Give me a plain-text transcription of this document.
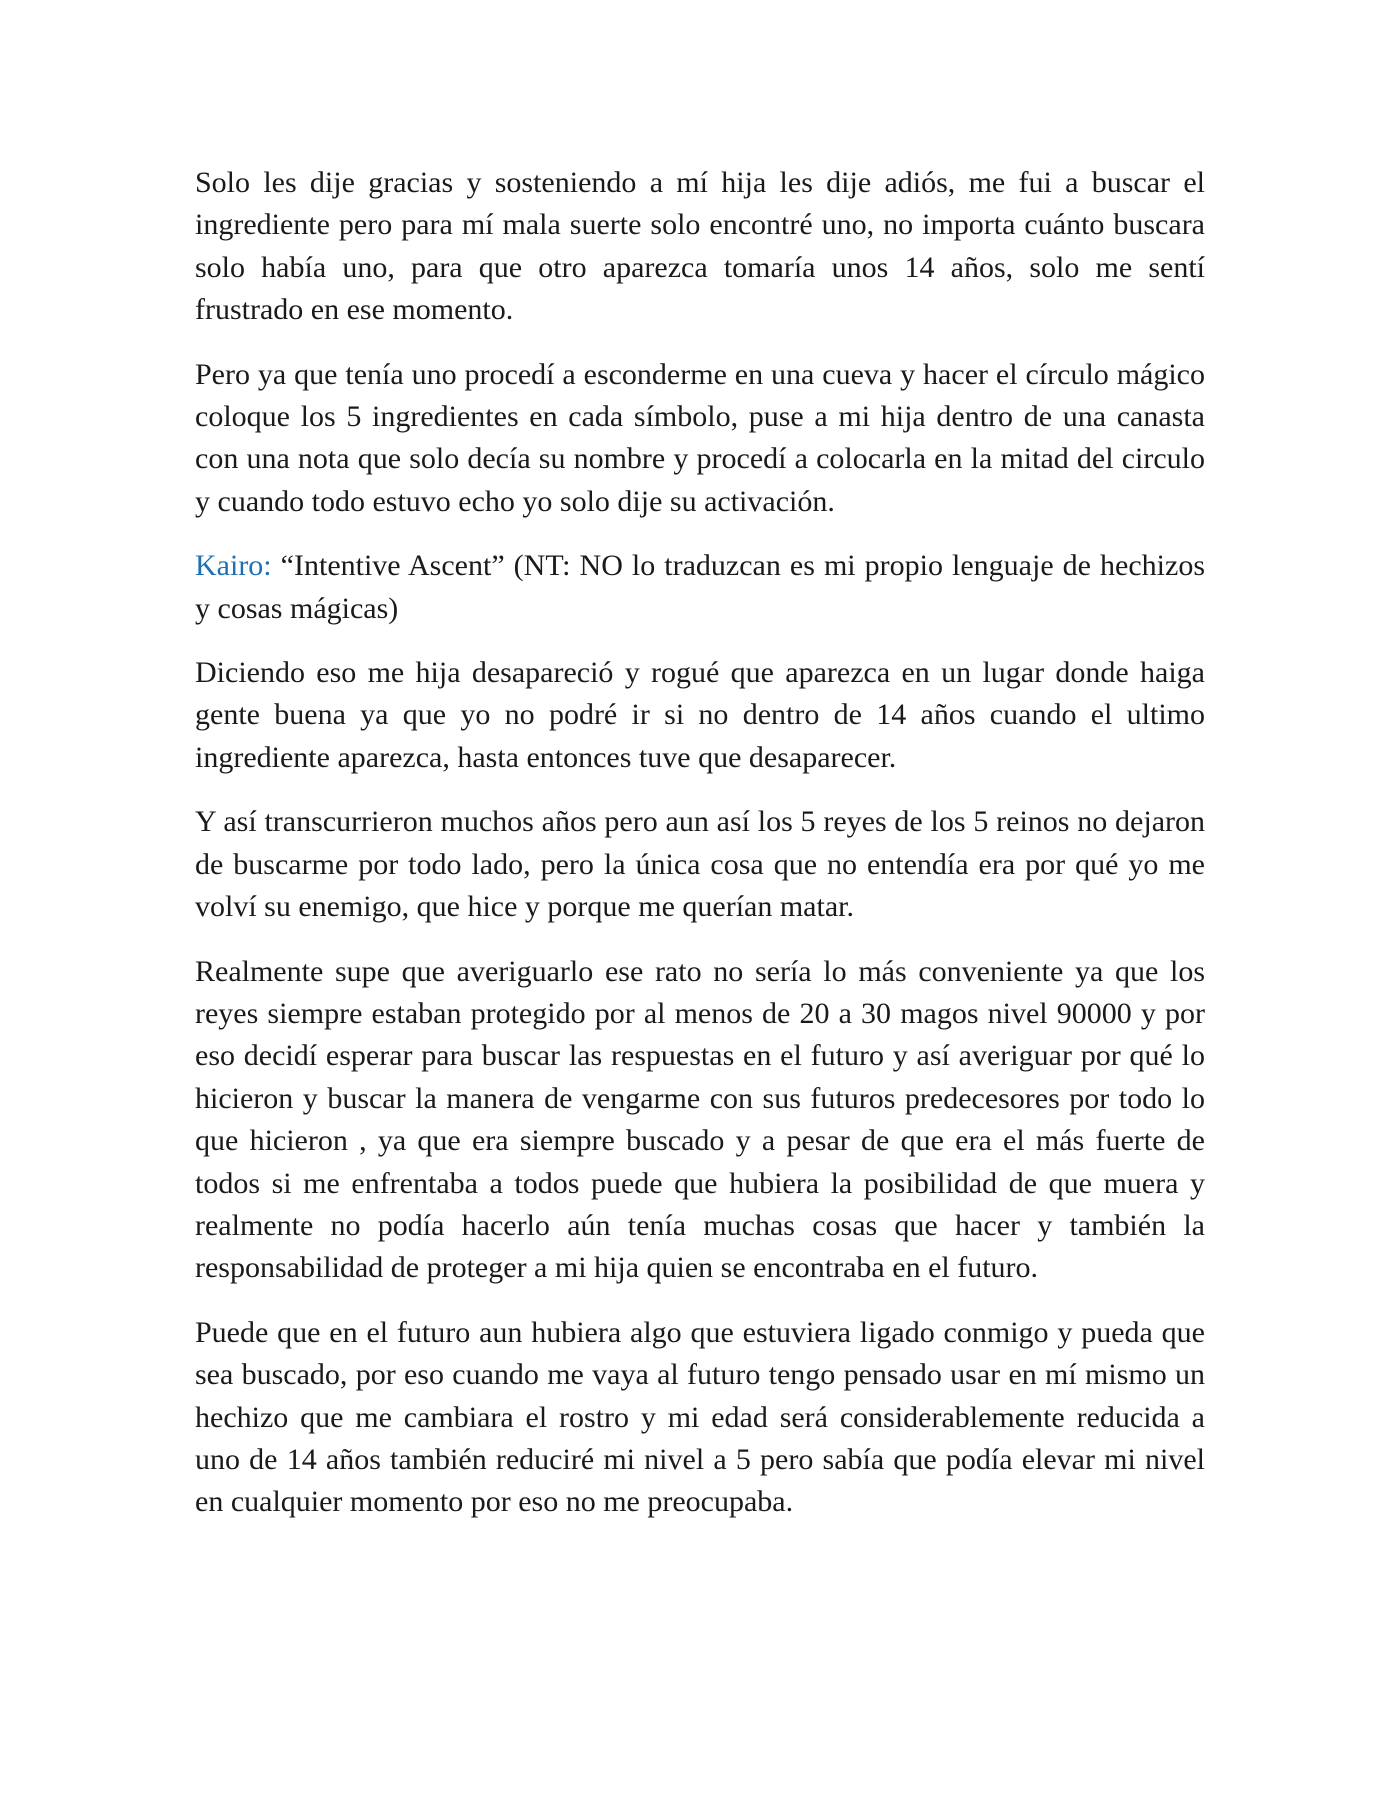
Solo les dije gracias y sosteniendo a mí hija les dije adiós, me fui a buscar el ingrediente pero para mí mala suerte solo encontré uno, no importa cuánto buscara solo había uno, para que otro aparezca tomaría unos 14 años, solo me sentí frustrado en ese momento.

Pero ya que tenía uno procedí a esconderme en una cueva y hacer el círculo mágico coloque los 5 ingredientes en cada símbolo, puse a mi hija dentro de una canasta con una nota que solo decía su nombre y procedí a colocarla en la mitad del circulo y cuando todo estuvo echo yo solo dije su activación.

Kairo: “Intentive Ascent” (NT: NO lo traduzcan es mi propio lenguaje de hechizos y cosas mágicas)

Diciendo eso me hija desapareció y rogué que aparezca en un lugar donde haiga gente buena ya que yo no podré ir si no dentro de 14 años cuando el ultimo ingrediente aparezca, hasta entonces tuve que desaparecer.

Y así transcurrieron muchos años pero aun así los 5 reyes de los 5 reinos no dejaron de buscarme por todo lado, pero la única cosa que no entendía era por qué yo me volví su enemigo, que hice y porque me querían matar.

Realmente supe que averiguarlo ese rato no sería lo más conveniente ya que los reyes siempre estaban protegido por al menos de 20 a 30 magos nivel 90000 y por eso decidí esperar para buscar las respuestas en el futuro y así averiguar por qué lo hicieron y buscar la manera de vengarme con sus futuros predecesores por todo lo que hicieron , ya que era siempre buscado y a pesar de que era el más fuerte de todos si me enfrentaba a todos puede que hubiera la posibilidad de que muera y realmente no podía hacerlo aún tenía muchas cosas que hacer y también la responsabilidad de proteger a mi hija quien se encontraba en el futuro.

Puede que en el futuro aun hubiera algo que estuviera ligado conmigo y pueda que sea buscado, por eso cuando me vaya al futuro tengo pensado usar en mí mismo un hechizo que me cambiara el rostro y mi edad será considerablemente reducida a uno de 14 años también reduciré mi nivel a 5 pero sabía que podía elevar mi nivel en cualquier momento por eso no me preocupaba.
